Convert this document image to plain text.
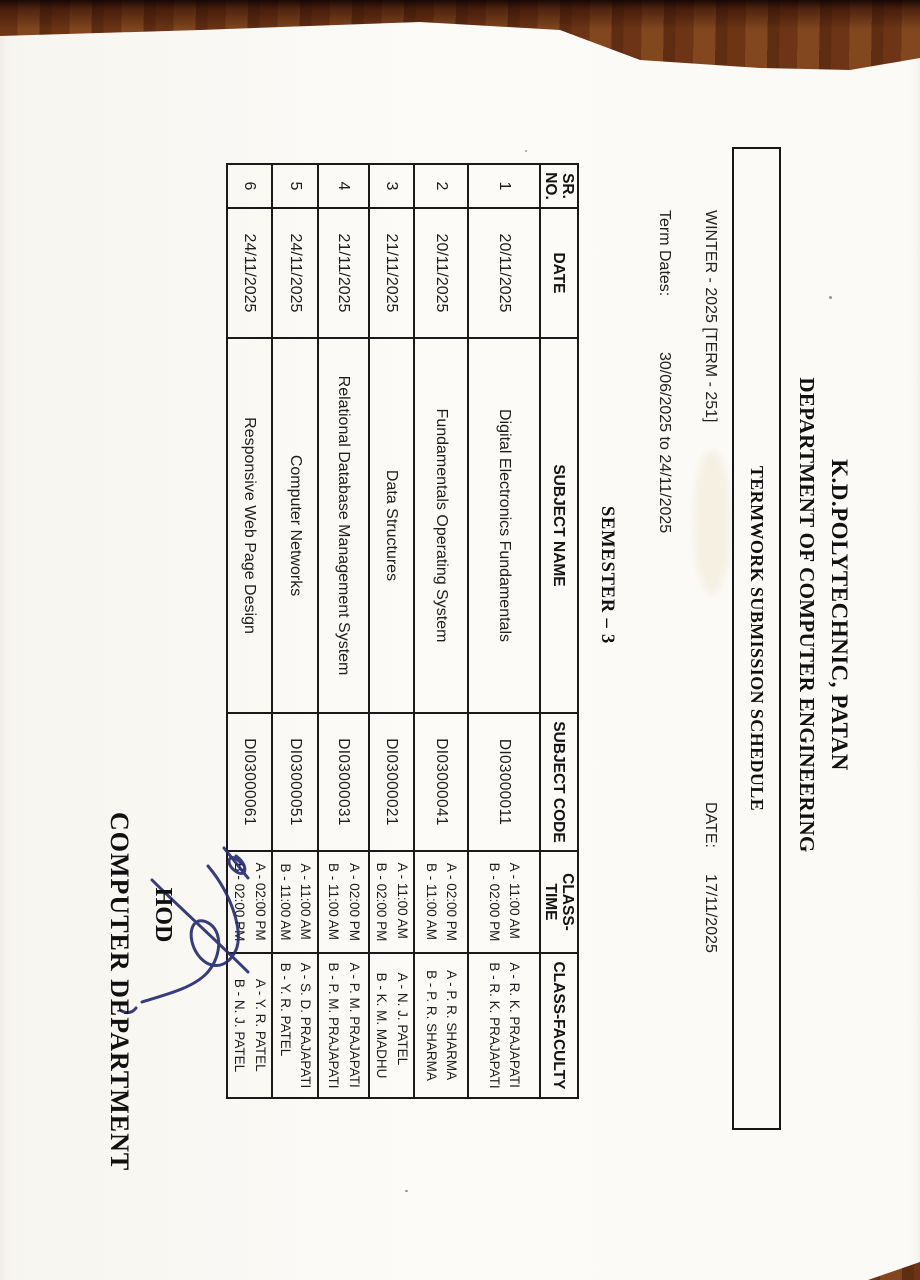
K.D.POLYTECHNIC, PATAN
DEPARTMENT OF COMPUTER ENGINEERING
TERMWORK SUBMISSION SCHEDULE
WINTER - 2025 [TERM - 251]
DATE:
17/11/2025
Term Dates:
30/06/2025 to 24/11/2025
SEMESTER – 3
SR.NO.	DATE	SUBJECT NAME	SUBJECT CODE	CLASS-TIME	CLASS-FACULTY
1	20/11/2025	Digital Electronics Fundamentals	DI03000011	A - 11:00 AM
B - 02:00 PM	A - R. K. PRAJAPATI
B - R. K. PRAJAPATI
2	20/11/2025	Fundamentals Operating System	DI03000041	A - 02:00 PM
B - 11:00 AM	A - P. R. SHARMA
B - P. R. SHARMA
3	21/11/2025	Data Structures	DI03000021	A - 11:00 AM
B - 02:00 PM	A - N. J. PATEL
B - K. M. MADHU
4	21/11/2025	Relational Database Management System	DI03000031	A - 02:00 PM
B - 11:00 AM	A - P. M. PRAJAPATI
B - P. M. PRAJAPATI
5	24/11/2025	Computer Networks	DI03000051	A - 11:00 AM
B - 11:00 AM	A - S. D. PRAJAPATI
B - Y. R. PATEL
6	24/11/2025	Responsive Web Page Design	DI03000061	A - 02:00 PM
B - 02:00 PM	A - Y. R. PATEL
B - N. J. PATEL
HOD
COMPUTER DEPARTMENT
